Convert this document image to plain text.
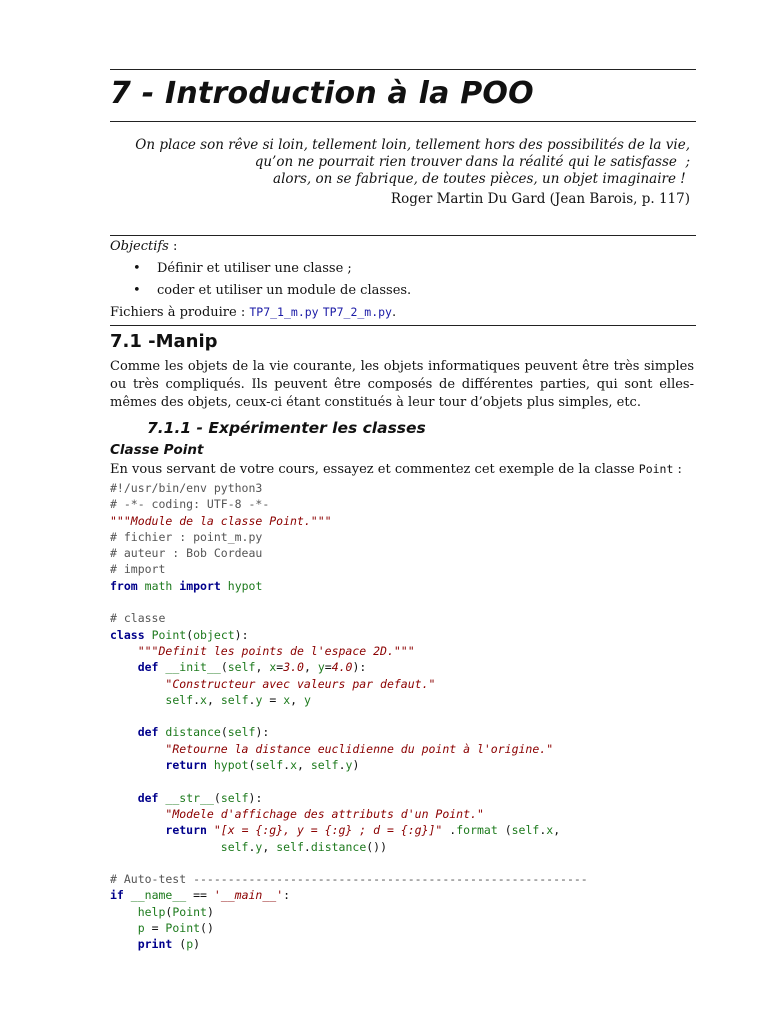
7 - Introduction à la POO
On place son rêve si loin, tellement loin, tellement hors des possibilités de la vie,
qu’on ne pourrait rien trouver dans la réalité qui le satisfasse  ;
alors, on se fabrique, de toutes pièces, un objet imaginaire !
Roger Martin Du Gard (Jean Barois, p. 117)
Objectifs :
• Définir et utiliser une classe ;
• coder et utiliser un module de classes.
Fichiers à produire : TP7_1_m.py TP7_2_m.py.
7.1 -Manip

Comme les objets de la vie courante, les objets informatiques peuvent être très simples ou très compliqués. Ils peuvent être composés de différentes parties, qui sont elles-mêmes des objets, ceux-ci étant constitués à leur tour d’objets plus simples, etc.

7.1.1 - Expérimenter les classes
Classe Point

En vous servant de votre cours, essayez et commentez cet exemple de la classe Point :

#!/usr/bin/env python3
# -*- coding: UTF-8 -*-
"""Module de la classe Point."""
# fichier : point_m.py
# auteur : Bob Cordeau
# import
from math import hypot
# classe
class Point(object):
"""Definit les points de l'espace 2D."""
def __init__(self, x=3.0, y=4.0):
"Constructeur avec valeurs par defaut."
self.x, self.y = x, y
def distance(self):
"Retourne la distance euclidienne du point à l'origine."
return hypot(self.x, self.y)
def __str__(self):
"Modele d'affichage des attributs d'un Point."
return "[x = {:g}, y = {:g} ; d = {:g}]" .format (self.x,
self.y, self.distance())
# Auto-test ---------------------------------------------------------
if __name__ == '__main__':
help(Point)
p = Point()
print (p)
